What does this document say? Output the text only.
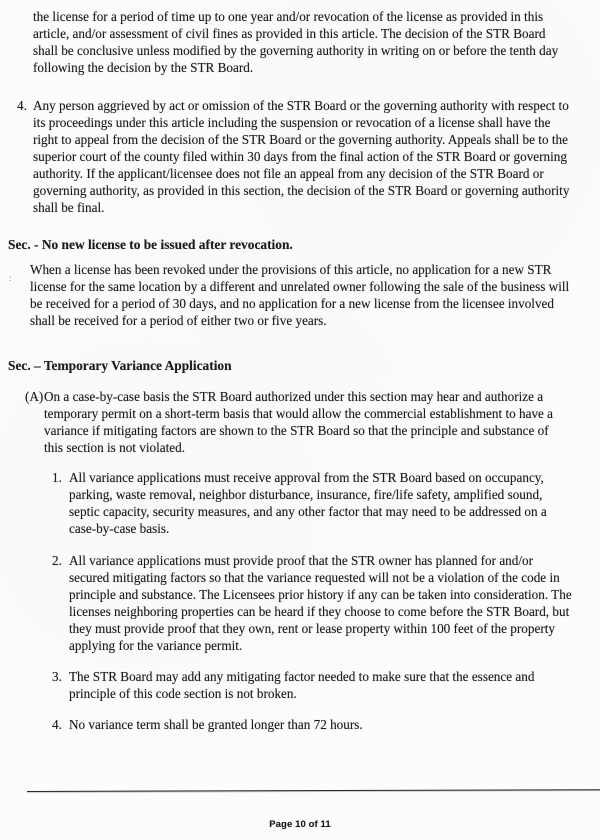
the license for a period of time up to one year and/or revocation of the license as provided in this article, and/or assessment of civil fines as provided in this article. The decision of the STR Board shall be conclusive unless modified by the governing authority in writing on or before the tenth day following the decision by the STR Board.

4. Any person aggrieved by act or omission of the STR Board or the governing authority with respect to its proceedings under this article including the suspension or revocation of a license shall have the right to appeal from the decision of the STR Board or the governing authority. Appeals shall be to the superior court of the county filed within 30 days from the final action of the STR Board or governing authority. If the applicant/licensee does not file an appeal from any decision of the STR Board or governing authority, as provided in this section, the decision of the STR Board or governing authority shall be final.
Sec. - No new license to be issued after revocation.

When a license has been revoked under the provisions of this article, no application for a new STR license for the same location by a different and unrelated owner following the sale of the business will be received for a period of 30 days, and no application for a new license from the licensee involved shall be received for a period of either two or five years.

Sec. – Temporary Variance Application
(A) On a case-by-case basis the STR Board authorized under this section may hear and authorize a temporary permit on a short-term basis that would allow the commercial establishment to have a variance if mitigating factors are shown to the STR Board so that the principle and substance of this section is not violated.
1. All variance applications must receive approval from the STR Board based on occupancy, parking, waste removal, neighbor disturbance, insurance, fire/life safety, amplified sound, septic capacity, security measures, and any other factor that may need to be addressed on a case-by-case basis.
2. All variance applications must provide proof that the STR owner has planned for and/or secured mitigating factors so that the variance requested will not be a violation of the code in principle and substance. The Licensees prior history if any can be taken into consideration. The licenses neighboring properties can be heard if they choose to come before the STR Board, but they must provide proof that they own, rent or lease property within 100 feet of the property applying for the variance permit.
3. The STR Board may add any mitigating factor needed to make sure that the essence and principle of this code section is not broken.
4. No variance term shall be granted longer than 72 hours.
:
Page 10 of 11
